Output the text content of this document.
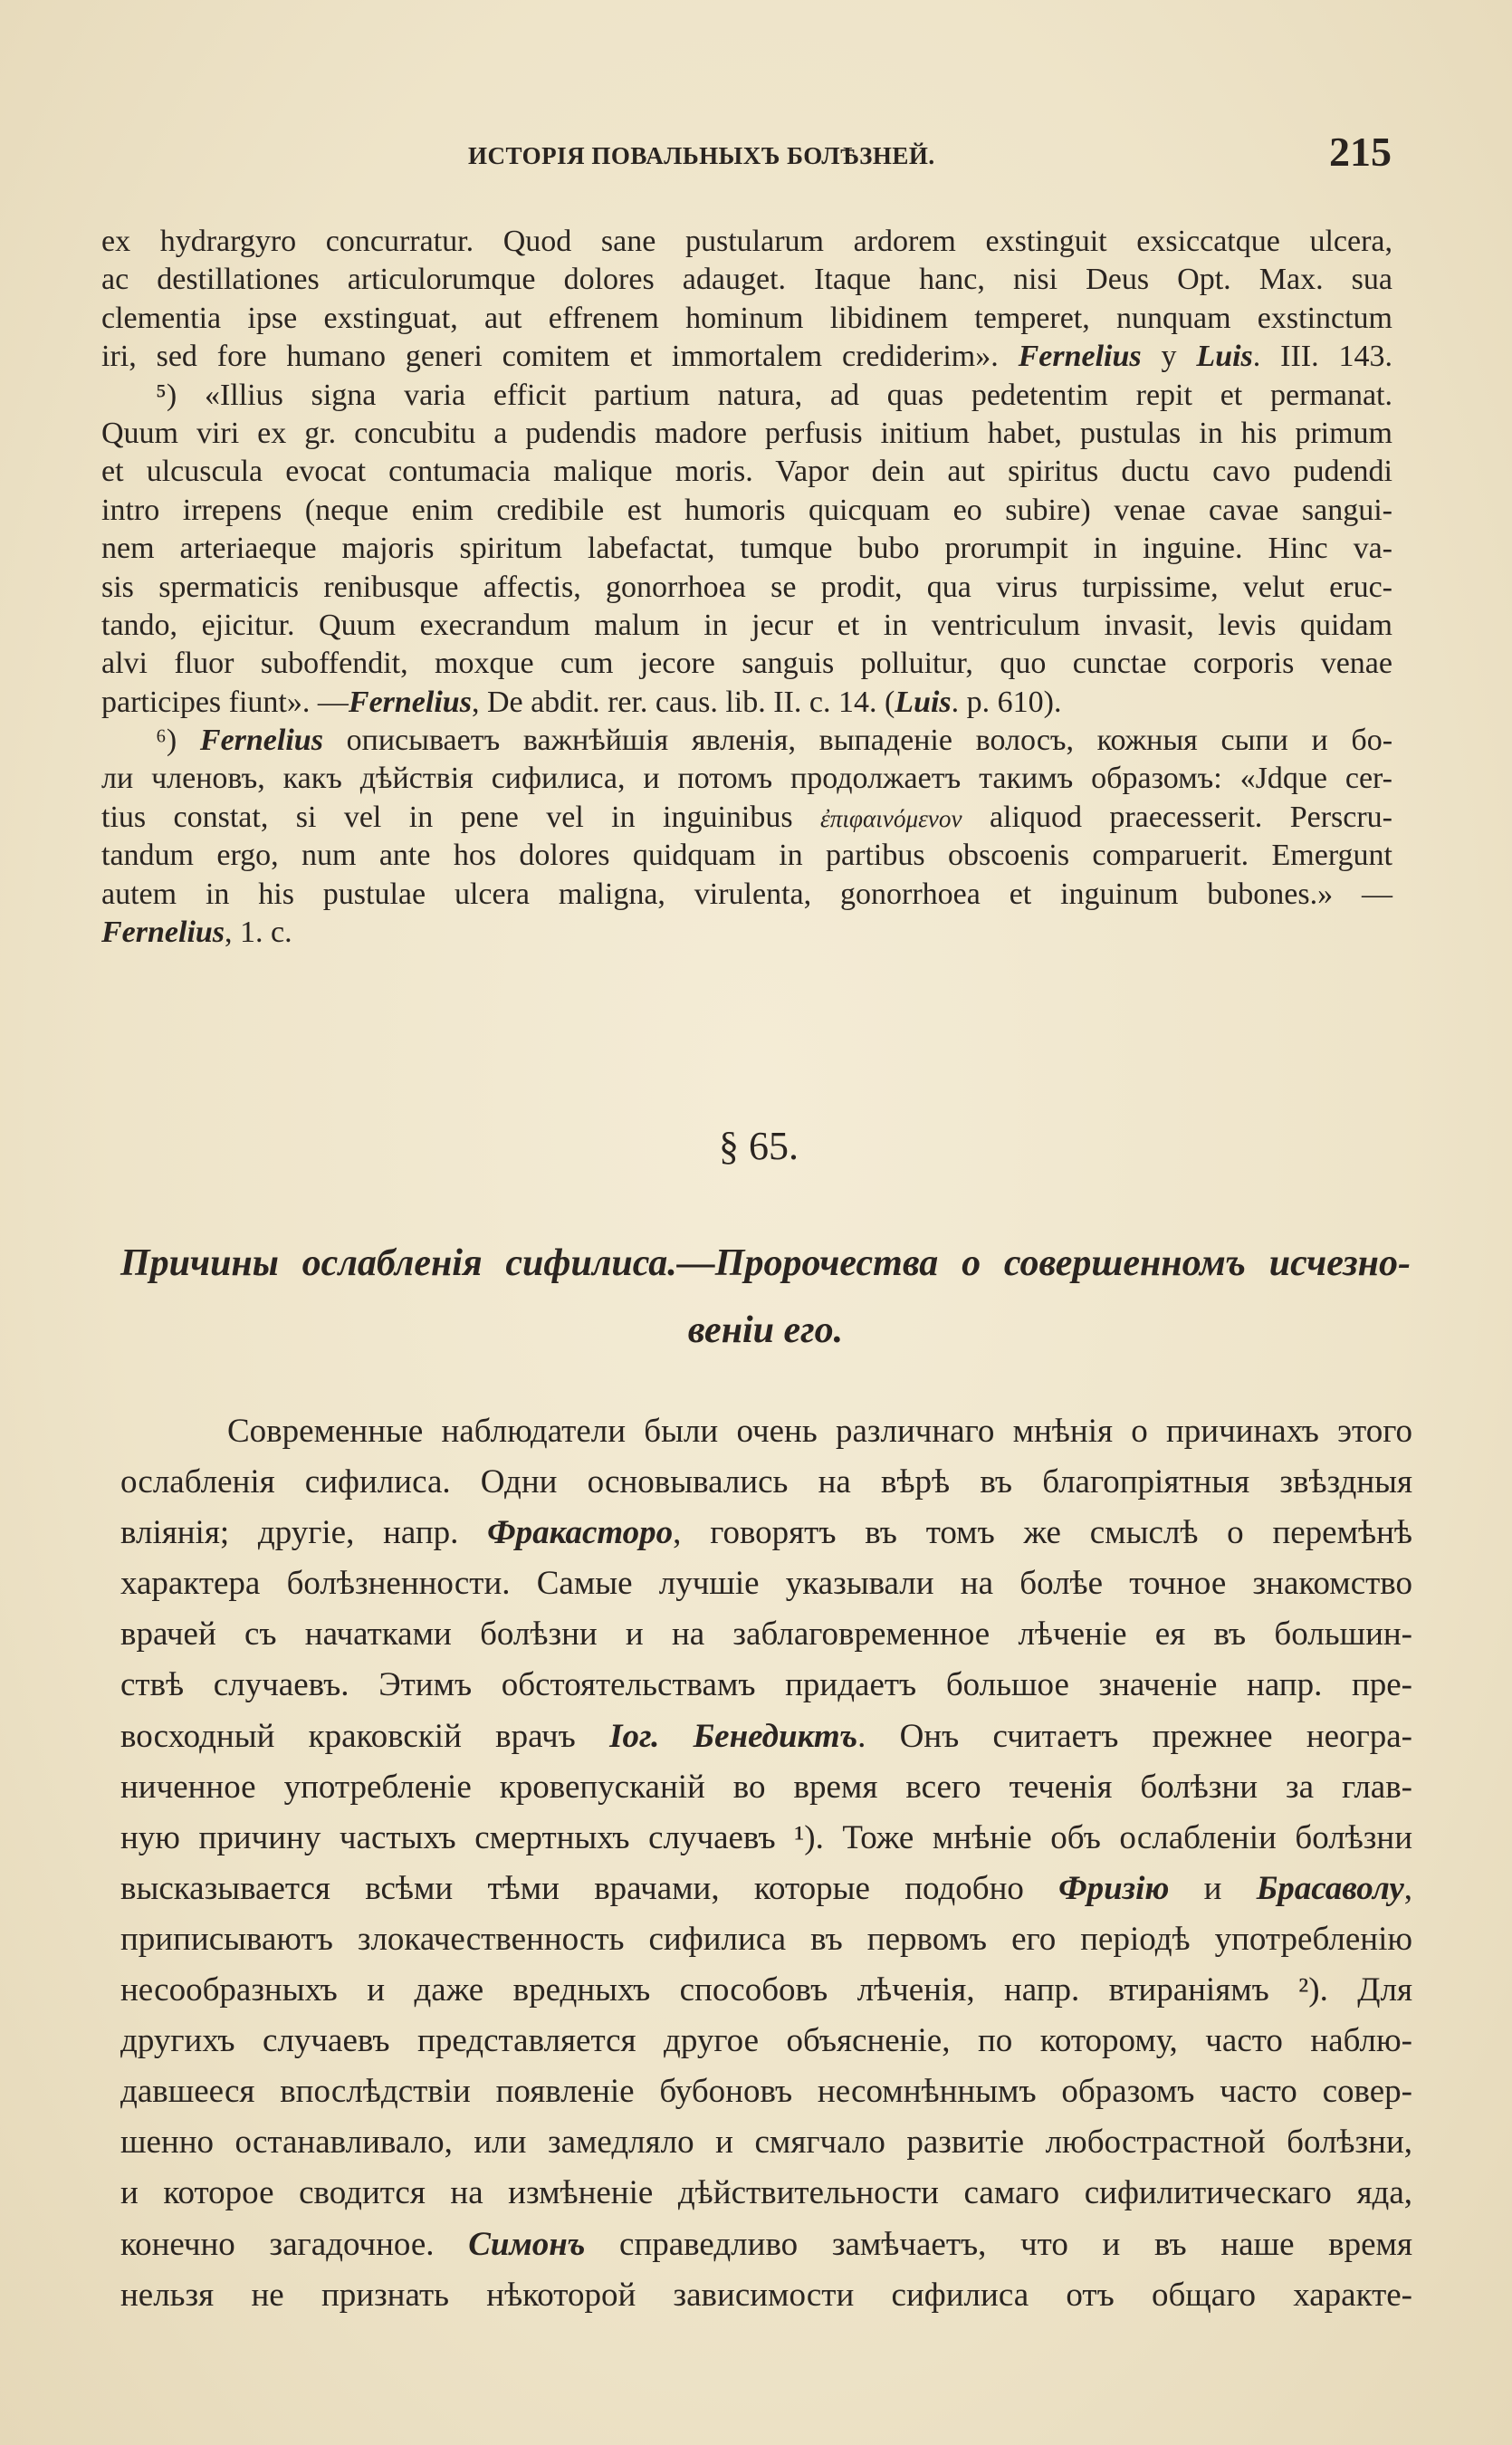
ИСТОРІЯ ПОВАЛЬНЫХЪ БОЛѢЗНЕЙ.	215
ex hydrargyro concurratur. Quod sane pustularum ardorem exstinguit exsiccatque ulcera,
ac destillationes articulorumque dolores adauget. Itaque hanc, nisi Deus Opt. Max. sua
clementia ipse exstinguat, aut effrenem hominum libidinem temperet, nunquam exstinctum
iri, sed fore humano generi comitem et immortalem crediderim». Fernelius у Luis. III. 143.
⁵) «Illius signa varia efficit partium natura, ad quas pedetentim repit et permanat.
Quum viri ex gr. concubitu a pudendis madore perfusis initium habet, pustulas in his primum
et ulcuscula evocat contumacia malique moris. Vapor dein aut spiritus ductu cavo pudendi
intro irrepens (neque enim credibile est humoris quicquam eo subire) venae cavae sangui-
nem arteriaeque majoris spiritum labefactat, tumque bubo prorumpit in inguine. Hinc va-
sis spermaticis renibusque affectis, gonorrhoea se prodit, qua virus turpissime, velut eruc-
tando, ejicitur. Quum execrandum malum in jecur et in ventriculum invasit, levis quidam
alvi fluor suboffendit, moxque cum jecore sanguis polluitur, quo cunctae corporis venae
participes fiunt». —Fernelius, De abdit. rer. caus. lib. II. c. 14. (Luis. p. 610).
⁶) Fernelius описываетъ важнѣйшія явленія, выпаденіе волосъ, кожныя сыпи и бо-
ли членовъ, какъ дѣйствія сифилиса, и потомъ продолжаетъ такимъ образомъ: «Jdque cer-
tius constat, si vel in pene vel in inguinibus ἐπιφαινόμενον aliquod praecesserit. Perscru-
tandum ergo, num ante hos dolores quidquam in partibus obscoenis comparuerit. Emergunt
autem in his pustulae ulcera maligna, virulenta, gonorrhoea et inguinum bubones.» —
Fernelius, 1. c.
§ 65.
Причины ослабленія сифилиса.—Пророчества о совершенномъ исчезно-
веніи его.
Современные наблюдатели были очень различнаго мнѣнія о причинахъ этого
ослабленія сифилиса. Одни основывались на вѣрѣ въ благопріятныя звѣздныя
вліянія; другіе, напр. Фракасторо, говорятъ въ томъ же смыслѣ о перемѣнѣ
характера болѣзненности. Самые лучшіе указывали на болѣе точное знакомство
врачей съ начатками болѣзни и на заблаговременное лѣченіе ея въ большин-
ствѣ случаевъ. Этимъ обстоятельствамъ придаетъ большое значеніе напр. пре-
восходный краковскій врачъ Іог. Бенедиктъ. Онъ считаетъ прежнее неогра-
ниченное употребленіе кровепусканій во время всего теченія болѣзни за глав-
ную причину частыхъ смертныхъ случаевъ ¹). Тоже мнѣніе объ ослабленіи болѣзни
высказывается всѣми тѣми врачами, которые подобно Фризію и Брасаволу,
приписываютъ злокачественность сифилиса въ первомъ его періодѣ употребленію
несообразныхъ и даже вредныхъ способовъ лѣченія, напр. втираніямъ ²). Для
другихъ случаевъ представляется другое объясненіе, по которому, часто наблю-
давшееся впослѣдствіи появленіе бубоновъ несомнѣннымъ образомъ часто совер-
шенно останавливало, или замедляло и смягчало развитіе любострастной болѣзни,
и которое сводится на измѣненіе дѣйствительности самаго сифилитическаго яда,
конечно загадочное. Симонъ справедливо замѣчаетъ, что и въ наше время
нельзя не признать нѣкоторой зависимости сифилиса отъ общаго характе-
